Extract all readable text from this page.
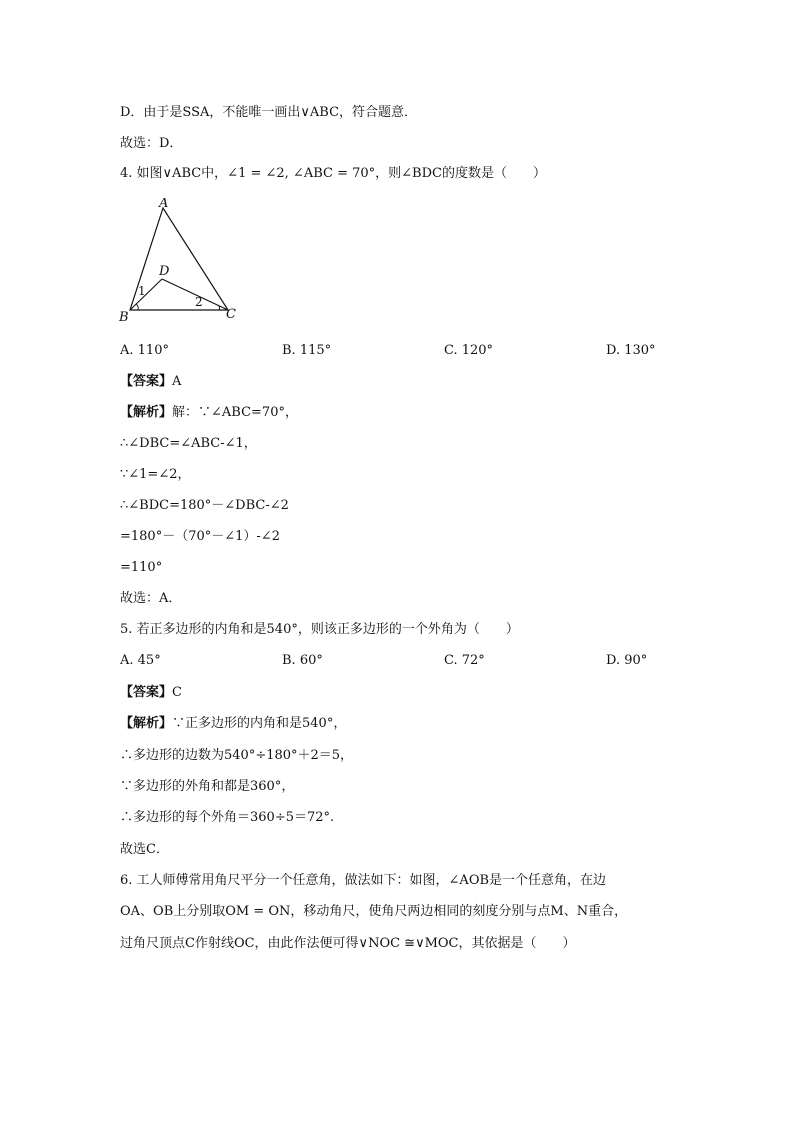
D．由于是SSA，不能唯一画出∨ABC，符合题意．
故选：D．
4. 如图∨ABC中，∠1 = ∠2, ∠ABC = 70°，则∠BDC的度数是（　　）
A
B	C
D
1
2
A. 110°	B. 115°	C. 120°	D. 130°
【答案】A
【解析】解：∵∠ABC=70°，
∴∠DBC=∠ABC-∠1，
∵∠1=∠2，
∴∠BDC=180°－∠DBC-∠2
=180°－（70°－∠1）-∠2
=110°
故选：A．
5. 若正多边形的内角和是540°，则该正多边形的一个外角为（　　）
A. 45°	B. 60°	C. 72°	D. 90°
【答案】C
【解析】∵正多边形的内角和是540°，
∴多边形的边数为540°÷180°＋2＝5，
∵多边形的外角和都是360°，
∴多边形的每个外角＝360÷5＝72°.
故选C．
6. 工人师傅常用角尺平分一个任意角，做法如下：如图，∠AOB是一个任意角，在边
OA、OB上分别取OM = ON，移动角尺，使角尺两边相同的刻度分别与点M、N重合，
过角尺顶点C作射线OC，由此作法便可得∨NOC ≅∨MOC，其依据是（　　）
